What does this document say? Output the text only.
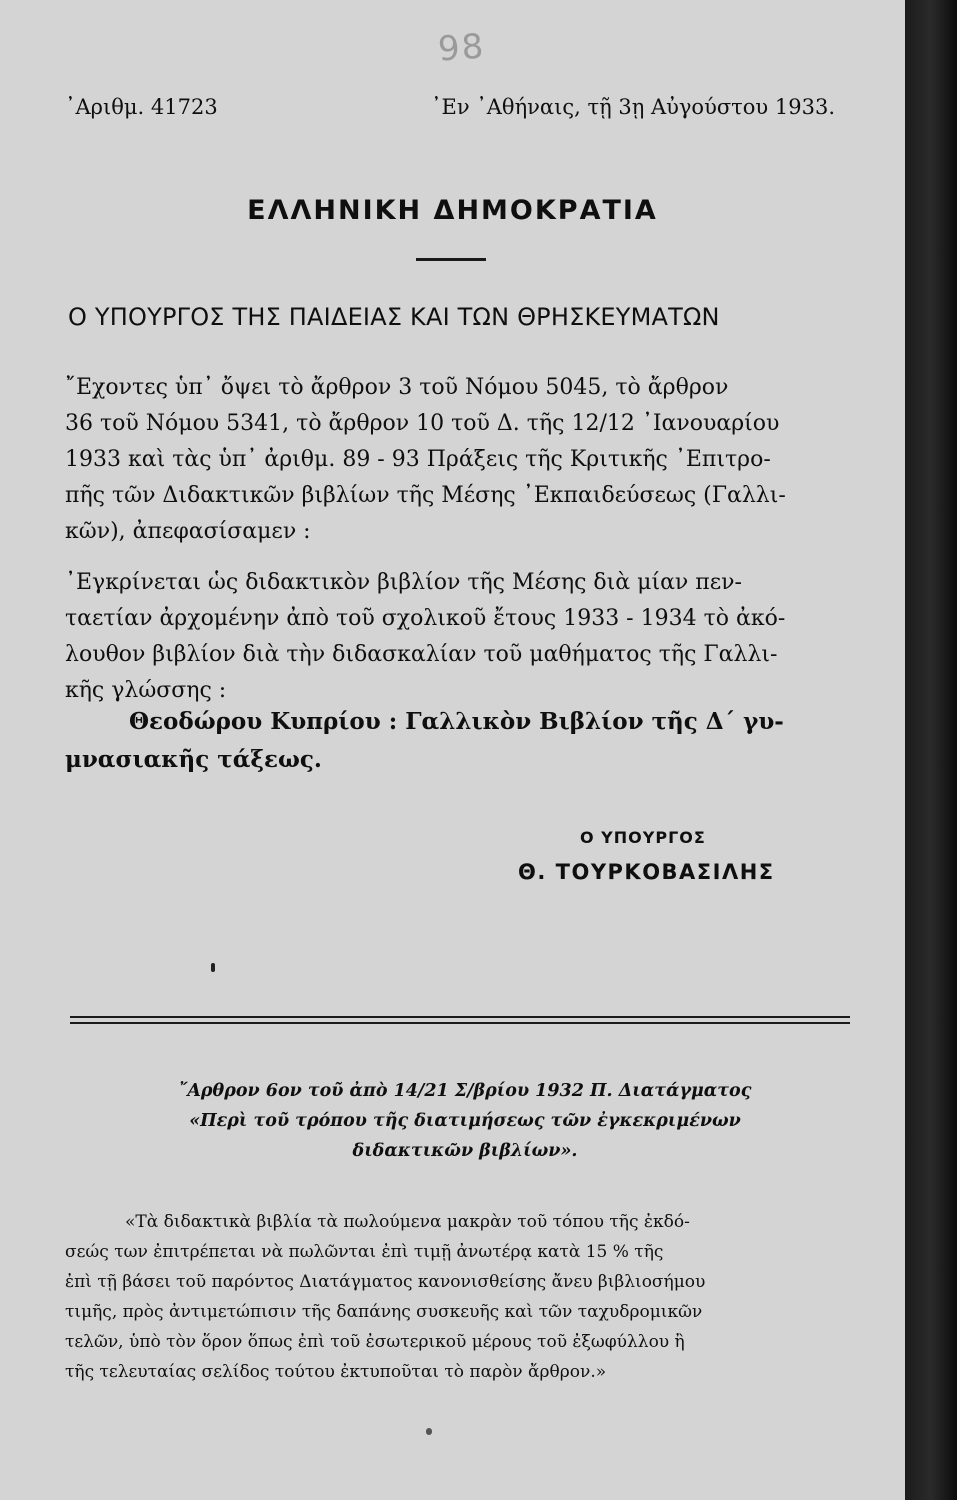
98
᾿Αριθμ. 41723	᾿Εν ᾿Αθήναις, τῇ 3ῃ Αὐγούστου 1933.
ΕΛΛΗΝΙΚΗ ΔΗΜΟΚΡΑΤΙΑ
Ο ΥΠΟΥΡΓΟΣ ΤΗΣ ΠΑΙΔΕΙΑΣ ΚΑΙ ΤΩΝ ΘΡΗΣΚΕΥΜΑΤΩΝ
῎Εχοντες ὑπ᾿ ὄψει τὸ ἄρθρον 3 τοῦ Νόμου 5045, τὸ ἄρθρον
36 τοῦ Νόμου 5341, τὸ ἄρθρον 10 τοῦ Δ. τῆς 12/12 ᾿Ιανουαρίου
1933 καὶ τὰς ὑπ᾿ ἀριθμ. 89 - 93 Πράξεις τῆς Κριτικῆς ᾿Επιτρο-
πῆς τῶν Διδακτικῶν βιβλίων τῆς Μέσης ᾿Εκπαιδεύσεως (Γαλλι-
κῶν), ἀπεφασίσαμεν :
᾿Εγκρίνεται ὡς διδακτικὸν βιβλίον τῆς Μέσης διὰ μίαν πεν-
ταετίαν ἀρχομένην ἀπὸ τοῦ σχολικοῦ ἔτους 1933 - 1934 τὸ ἀκό-
λουθον βιβλίον διὰ τὴν διδασκαλίαν τοῦ μαθήματος τῆς Γαλλι-
κῆς γλώσσης :
Θεοδώρου Κυπρίου : Γαλλικὸν Βιβλίον τῆς Δ΄ γυ-
μνασιακῆς τάξεως.
Ο ΥΠΟΥΡΓΟΣ
Θ. ΤΟΥΡΚΟΒΑΣΙΛΗΣ
῎Αρθρον 6ον τοῦ ἀπὸ 14/21 Σ/βρίου 1932 Π. Διατάγματος
«Περὶ τοῦ τρόπου τῆς διατιμήσεως τῶν ἐγκεκριμένων
διδακτικῶν βιβλίων».
«Τὰ διδακτικὰ βιβλία τὰ πωλούμενα μακρὰν τοῦ τόπου τῆς ἐκδό-
σεώς των ἐπιτρέπεται νὰ πωλῶνται ἐπὶ τιμῇ ἀνωτέρᾳ κατὰ 15 % τῆς
ἐπὶ τῇ βάσει τοῦ παρόντος Διατάγματος κανονισθείσης ἄνευ βιβλιοσήμου
τιμῆς, πρὸς ἀντιμετώπισιν τῆς δαπάνης συσκευῆς καὶ τῶν ταχυδρομικῶν
τελῶν, ὑπὸ τὸν ὅρον ὅπως ἐπὶ τοῦ ἐσωτερικοῦ μέρους τοῦ ἐξωφύλλου ἢ
τῆς τελευταίας σελίδος τούτου ἐκτυποῦται τὸ παρὸν ἄρθρον.»
